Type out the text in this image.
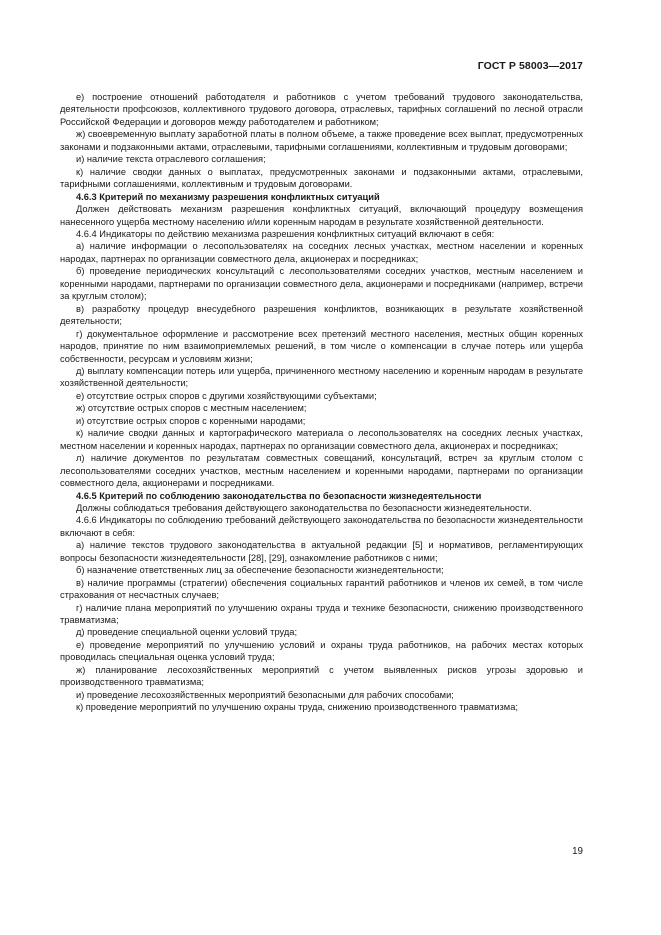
ГОСТ Р 58003—2017

е) построение отношений работодателя и работников с учетом требований трудового законодательства, деятельности профсоюзов, коллективного трудового договора, отраслевых, тарифных соглашений по лесной отрасли Российской Федерации и договоров между работодателем и работником;

ж) своевременную выплату заработной платы в полном объеме, а также проведение всех выплат, предусмотренных законами и подзаконными актами, отраслевыми, тарифными соглашениями, коллективным и трудовым договорами;

и) наличие текста отраслевого соглашения;

к) наличие сводки данных о выплатах, предусмотренных законами и подзаконными актами, отраслевыми, тарифными соглашениями, коллективным и трудовым договорами.

4.6.3 Критерий по механизму разрешения конфликтных ситуаций

Должен действовать механизм разрешения конфликтных ситуаций, включающий процедуру возмещения нанесенного ущерба местному населению и/или коренным народам в результате хозяйственной деятельности.

4.6.4 Индикаторы по действию механизма разрешения конфликтных ситуаций включают в себя:

а) наличие информации о лесопользователях на соседних лесных участках, местном населении и коренных народах, партнерах по организации совместного дела, акционерах и посредниках;

б) проведение периодических консультаций с лесопользователями соседних участков, местным населением и коренными народами, партнерами по организации совместного дела, акционерами и посредниками (например, встречи за круглым столом);

в) разработку процедур внесудебного разрешения конфликтов, возникающих в результате хозяйственной деятельности;

г) документальное оформление и рассмотрение всех претензий местного населения, местных общин коренных народов, принятие по ним взаимоприемлемых решений, в том числе о компенсации в случае потерь или ущерба собственности, ресурсам и условиям жизни;

д) выплату компенсации потерь или ущерба, причиненного местному населению и коренным народам в результате хозяйственной деятельности;

е) отсутствие острых споров с другими хозяйствующими субъектами;

ж) отсутствие острых споров с местным населением;

и) отсутствие острых споров с коренными народами;

к) наличие сводки данных и картографического материала о лесопользователях на соседних лесных участках, местном населении и коренных народах, партнерах по организации совместного дела, акционерах и посредниках;

л) наличие документов по результатам совместных совещаний, консультаций, встреч за круглым столом с лесопользователями соседних участков, местным населением и коренными народами, партнерами по организации совместного дела, акционерами и посредниками.

4.6.5 Критерий по соблюдению законодательства по безопасности жизнедеятельности

Должны соблюдаться требования действующего законодательства по безопасности жизнедеятельности.

4.6.6 Индикаторы по соблюдению требований действующего законодательства по безопасности жизнедеятельности включают в себя:

а) наличие текстов трудового законодательства в актуальной редакции [5] и нормативов, регламентирующих вопросы безопасности жизнедеятельности [28], [29], ознакомление работников с ними;

б) назначение ответственных лиц за обеспечение безопасности жизнедеятельности;

в) наличие программы (стратегии) обеспечения социальных гарантий работников и членов их семей, в том числе страхования от несчастных случаев;

г) наличие плана мероприятий по улучшению охраны труда и технике безопасности, снижению производственного травматизма;

д) проведение специальной оценки условий труда;

е) проведение мероприятий по улучшению условий и охраны труда работников, на рабочих местах которых проводилась специальная оценка условий труда;

ж) планирование лесохозяйственных мероприятий с учетом выявленных рисков угрозы здоровью и производственного травматизма;

и) проведение лесохозяйственных мероприятий безопасными для рабочих способами;

к) проведение мероприятий по улучшению охраны труда, снижению производственного травматизма;

19
